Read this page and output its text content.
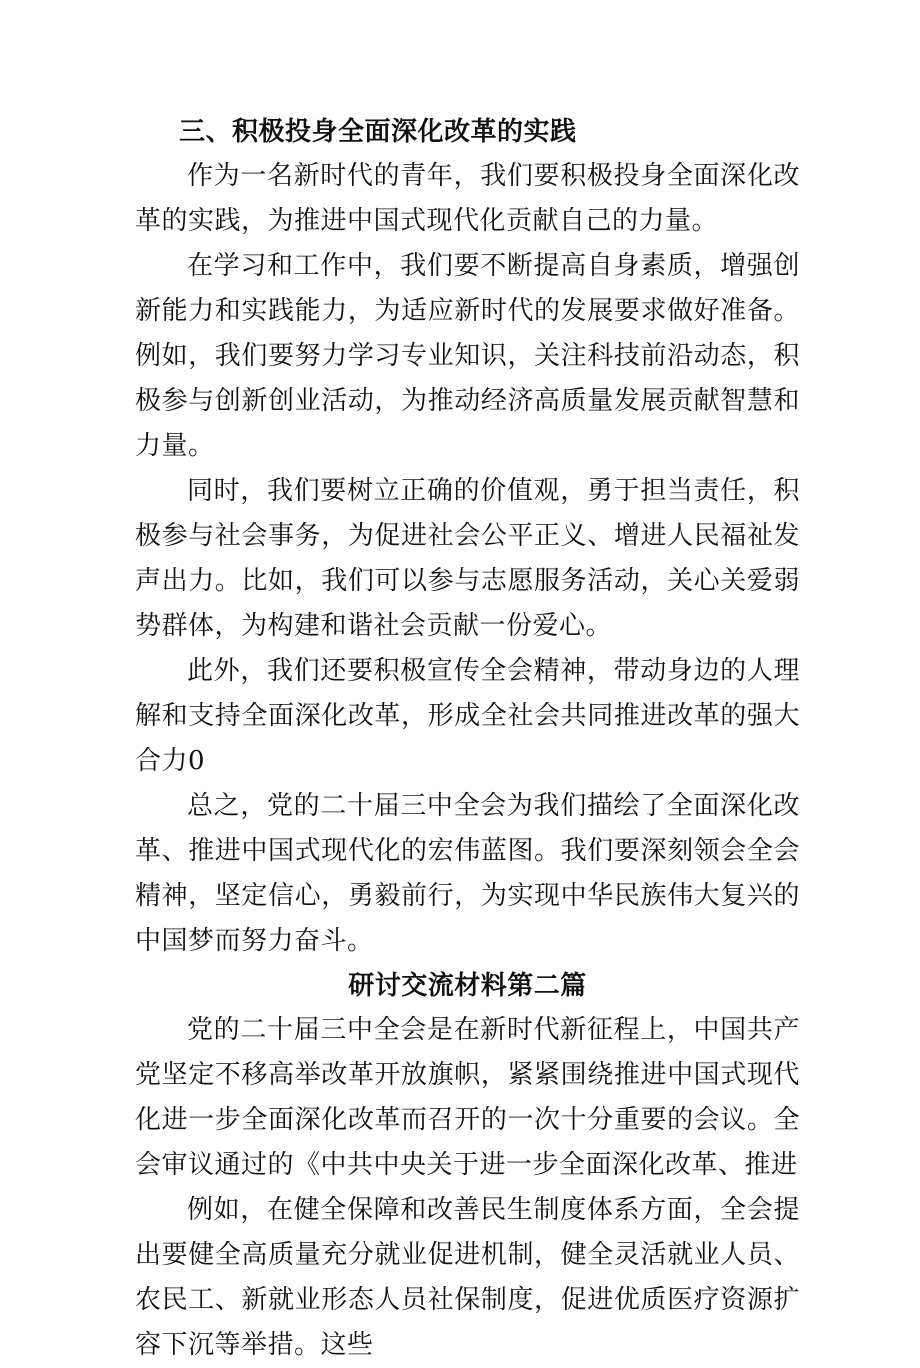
三、积极投身全面深化改革的实践

作为一名新时代的青年，我们要积极投身全面深化改革的实践，为推进中国式现代化贡献自己的力量。

在学习和工作中，我们要不断提高自身素质，增强创新能力和实践能力，为适应新时代的发展要求做好准备。例如，我们要努力学习专业知识，关注科技前沿动态，积极参与创新创业活动，为推动经济高质量发展贡献智慧和力量。

同时，我们要树立正确的价值观，勇于担当责任，积极参与社会事务，为促进社会公平正义、增进人民福祉发声出力。比如，我们可以参与志愿服务活动，关心关爱弱势群体，为构建和谐社会贡献一份爱心。

此外，我们还要积极宣传全会精神，带动身边的人理解和支持全面深化改革，形成全社会共同推进改革的强大合力0

总之，党的二十届三中全会为我们描绘了全面深化改革、推进中国式现代化的宏伟蓝图。我们要深刻领会全会精神，坚定信心，勇毅前行，为实现中华民族伟大复兴的中国梦而努力奋斗。

研讨交流材料第二篇

党的二十届三中全会是在新时代新征程上，中国共产党坚定不移高举改革开放旗帜，紧紧围绕推进中国式现代化进一步全面深化改革而召开的一次十分重要的会议。全会审议通过的《中共中央关于进一步全面深化改革、推进

例如，在健全保障和改善民生制度体系方面，全会提出要健全高质量充分就业促进机制，健全灵活就业人员、农民工、新就业形态人员社保制度，促进优质医疗资源扩容下沉等举措。这些
